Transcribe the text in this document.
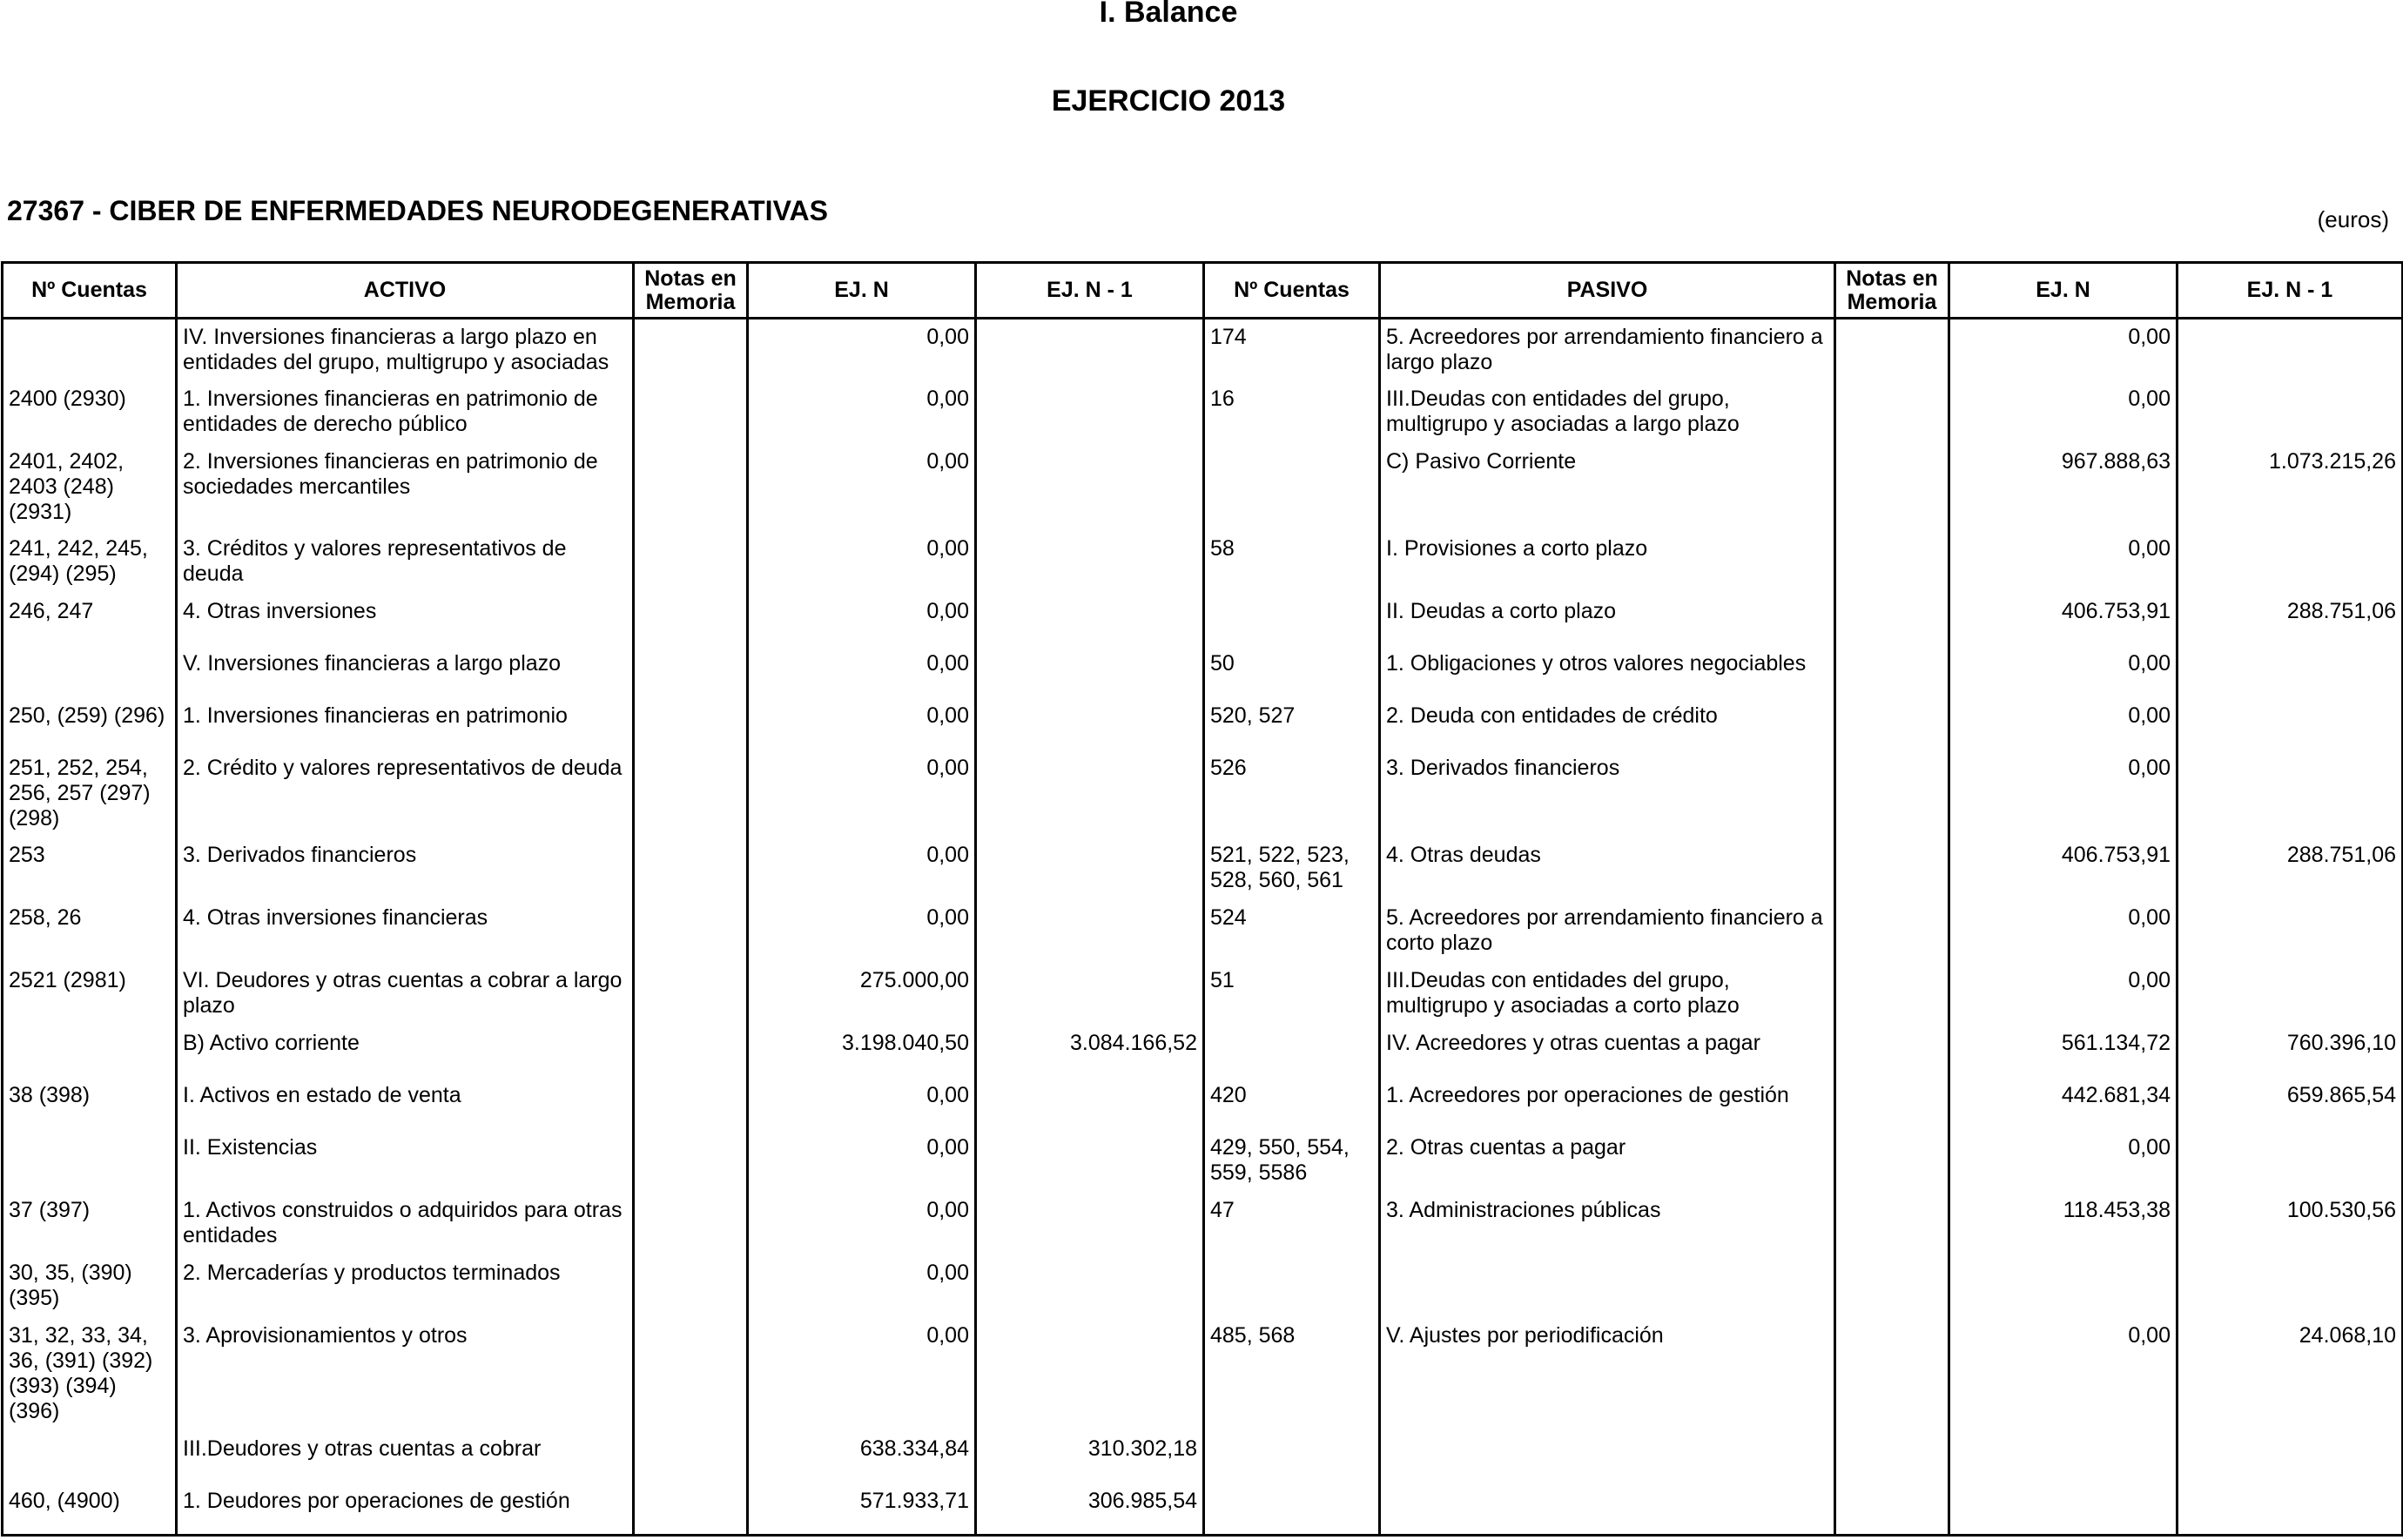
I. Balance
EJERCICIO 2013
27367 - CIBER DE ENFERMEDADES NEURODEGENERATIVAS	(euros)
Nº Cuentas	ACTIVO	Notas en Memoria	EJ. N	EJ. N - 1	Nº Cuentas	PASIVO	Notas en Memoria	EJ. N	EJ. N - 1
	IV. Inversiones financieras a largo plazo en entidades del grupo, multigrupo y asociadas		0,00		174	5. Acreedores por arrendamiento financiero a largo plazo		0,00	
2400 (2930)	1. Inversiones financieras en patrimonio de entidades de derecho público		0,00		16	III.Deudas con entidades del grupo, multigrupo y asociadas a largo plazo		0,00	
2401, 2402, 2403 (248) (2931)	2. Inversiones financieras en patrimonio de sociedades mercantiles		0,00			C) Pasivo Corriente		967.888,63	1.073.215,26
241, 242, 245, (294) (295)	3. Créditos y valores representativos de deuda		0,00		58	I. Provisiones a corto plazo		0,00	
246, 247	4. Otras inversiones		0,00			II. Deudas a corto plazo		406.753,91	288.751,06
	V. Inversiones financieras a largo plazo		0,00		50	1. Obligaciones y otros valores negociables		0,00	
250, (259) (296)	1. Inversiones financieras en patrimonio		0,00		520, 527	2. Deuda con entidades de crédito		0,00	
251, 252, 254, 256, 257 (297) (298)	2. Crédito y valores representativos de deuda		0,00		526	3. Derivados financieros		0,00	
253	3. Derivados financieros		0,00		521, 522, 523, 528, 560, 561	4. Otras deudas		406.753,91	288.751,06
258, 26	4. Otras inversiones financieras		0,00		524	5. Acreedores por arrendamiento financiero a corto plazo		0,00	
2521 (2981)	VI. Deudores y otras cuentas a cobrar a largo plazo		275.000,00		51	III.Deudas con entidades del grupo, multigrupo y asociadas a corto plazo		0,00	
	B) Activo corriente		3.198.040,50	3.084.166,52		IV. Acreedores y otras cuentas a pagar		561.134,72	760.396,10
38 (398)	I. Activos en estado de venta		0,00		420	1. Acreedores por operaciones de gestión		442.681,34	659.865,54
	II. Existencias		0,00		429, 550, 554, 559, 5586	2. Otras cuentas a pagar		0,00	
37 (397)	1. Activos construidos o adquiridos para otras entidades		0,00		47	3. Administraciones públicas		118.453,38	100.530,56
30, 35, (390) (395)	2. Mercaderías y productos terminados		0,00						
31, 32, 33, 34, 36, (391) (392) (393) (394) (396)	3. Aprovisionamientos y otros		0,00		485, 568	V. Ajustes por periodificación		0,00	24.068,10
	III.Deudores y otras cuentas a cobrar		638.334,84	310.302,18					
460, (4900)	1. Deudores por operaciones de gestión		571.933,71	306.985,54					
